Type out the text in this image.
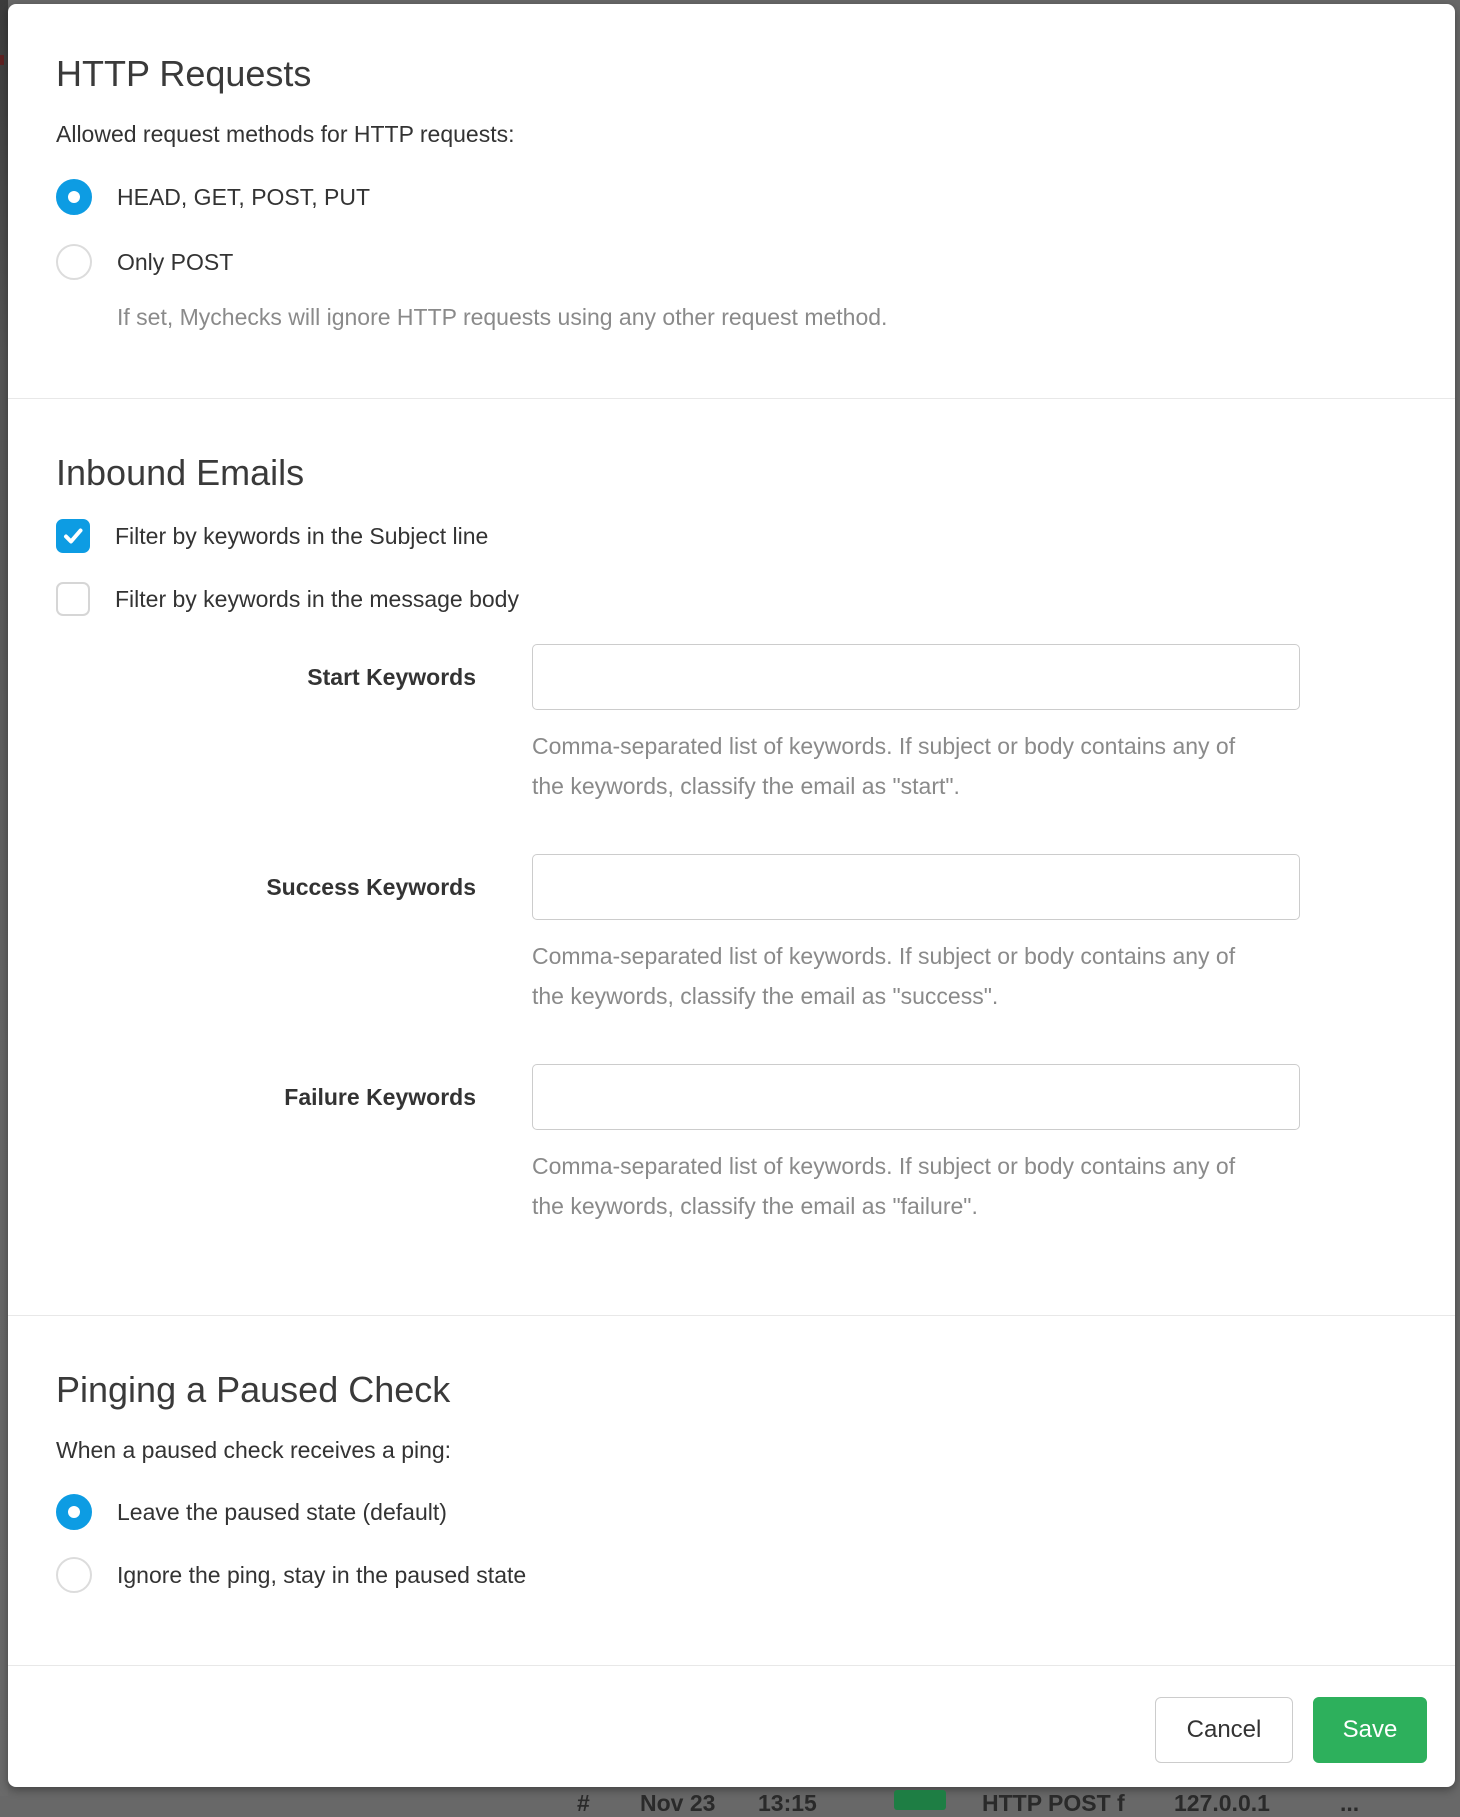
HTTP Requests
Allowed request methods for HTTP requests:
HEAD, GET, POST, PUT
Only POST
If set, Mychecks will ignore HTTP requests using any other request method.
Inbound Emails
Filter by keywords in the Subject line
Filter by keywords in the message body
Start Keywords
Comma-separated list of keywords. If subject or body contains any of the keywords, classify the email as "start".
Success Keywords
Comma-separated list of keywords. If subject or body contains any of the keywords, classify the email as "success".
Failure Keywords
Comma-separated list of keywords. If subject or body contains any of the keywords, classify the email as "failure".
Pinging a Paused Check
When a paused check receives a ping:
Leave the paused state (default)
Ignore the ping, stay in the paused state
Cancel	Save
# Nov 23 13:15	HTTP POST f 127.0.0.1	...
